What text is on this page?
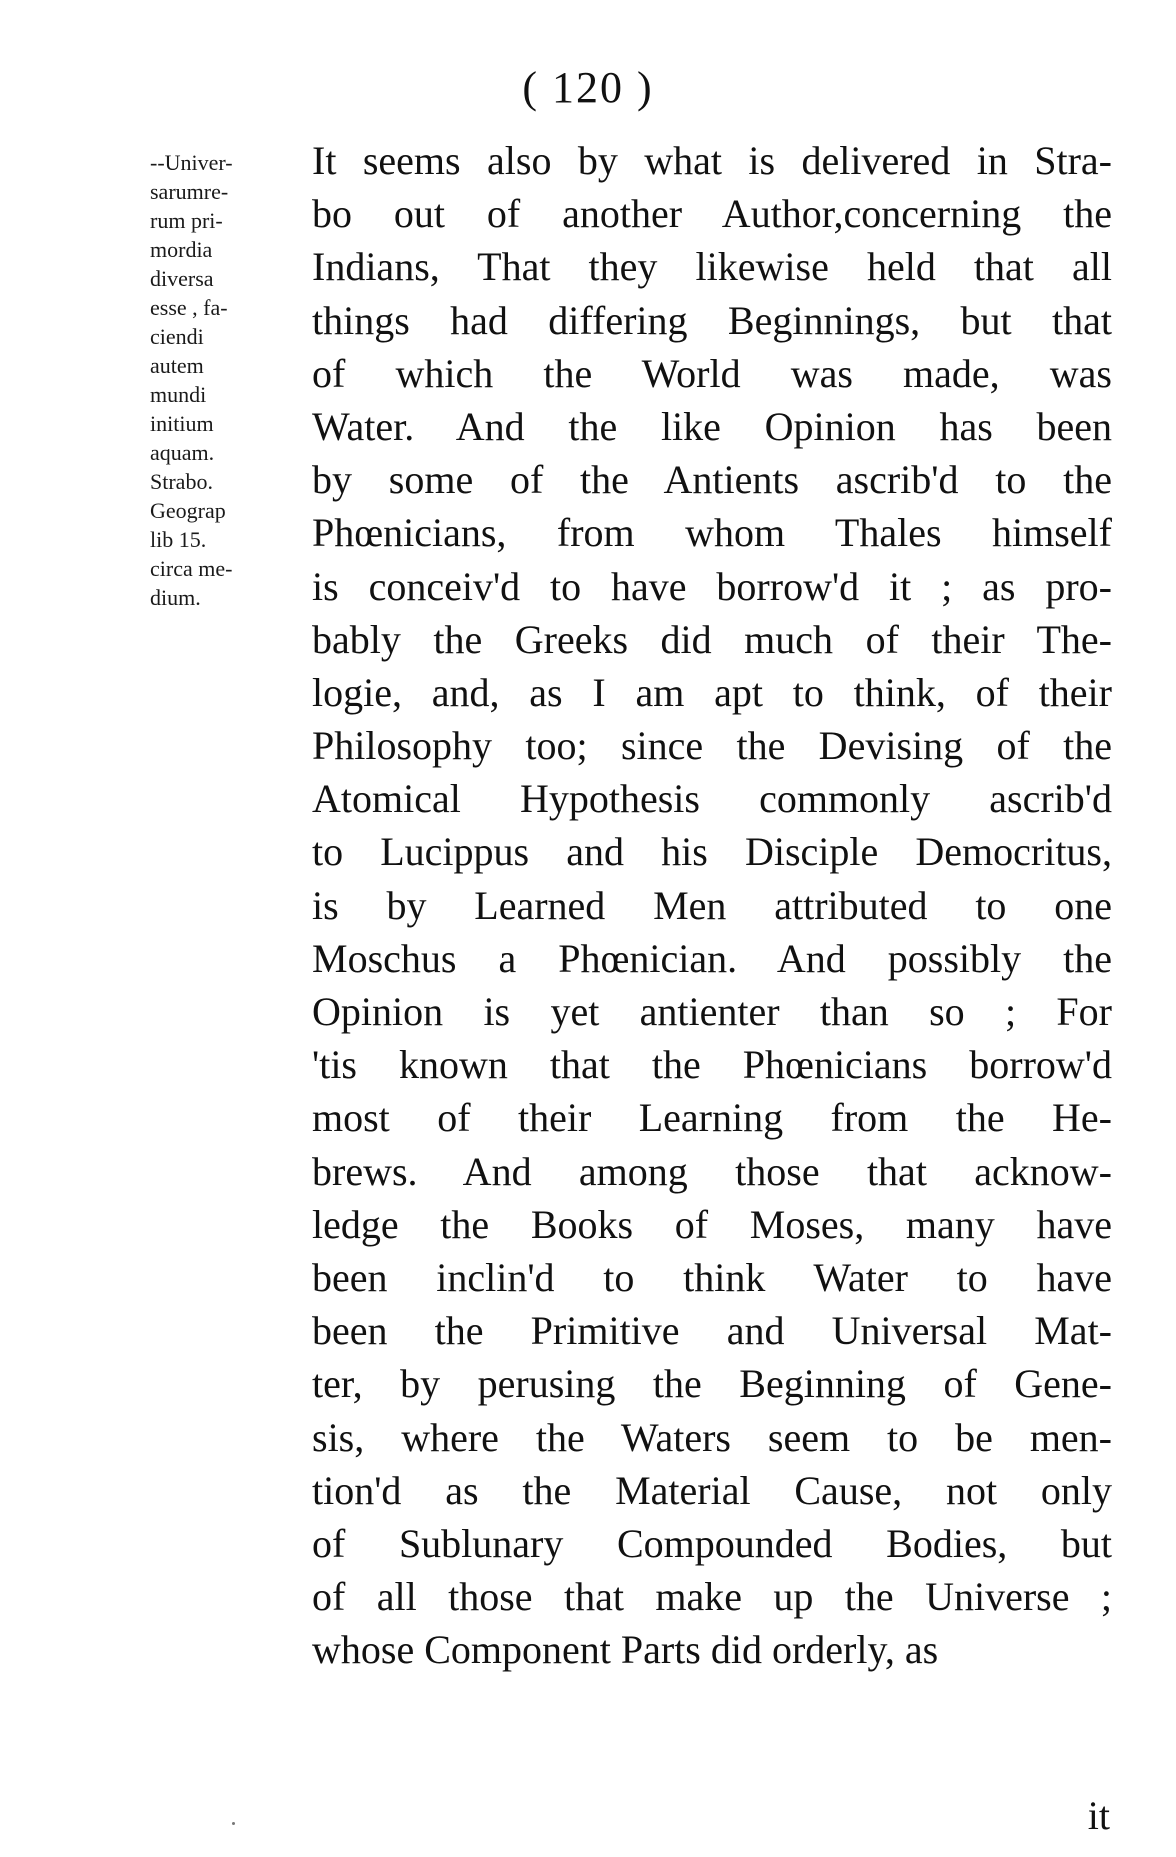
( 120 )
--Univer-
sarumre-
rum pri-
mordia
diversa
esse , fa-
ciendi
autem
mundi
initium
aquam.
Strabo.
Geograp
lib 15.
circa me-
dium.
It seems also by what is delivered in Stra-
bo out of another Author,concerning the
Indians, That they likewise held that all
things had differing Beginnings, but that
of which the World was made, was
Water. And the like Opinion has been
by some of the Antients ascrib'd to the
Phœnicians, from whom Thales himself
is conceiv'd to have borrow'd it ; as pro-
bably the Greeks did much of their The-
logie, and, as I am apt to think, of their
Philosophy too; since the Devising of the
Atomical Hypothesis commonly ascrib'd
to Lucippus and his Disciple Democritus,
is by Learned Men attributed to one
Moschus a Phœnician. And possibly the
Opinion is yet antienter than so ; For
'tis known that the Phœnicians borrow'd
most of their Learning from the He-
brews. And among those that acknow-
ledge the Books of Moses, many have
been inclin'd to think Water to have
been the Primitive and Universal Mat-
ter, by perusing the Beginning of Gene-
sis, where the Waters seem to be men-
tion'd as the Material Cause, not only
of Sublunary Compounded Bodies, but
of all those that make up the Universe ;
whose Component Parts did orderly, as
it
